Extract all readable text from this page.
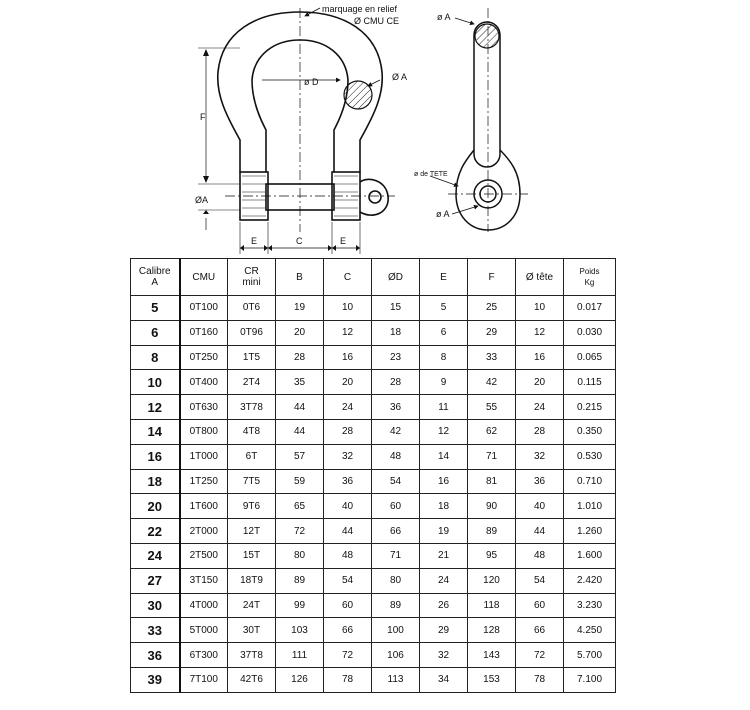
marquage en relief
Ø CMU CE
ø D	Ø A
F
ØA
E	C	E
ø A
ø de TETE
ø A
Calibre
A	CMU	CR
mini	B	C	ØD	E	F	Ø tête	Poids
Kg
5	0T100	0T6	19	10	15	5	25	10	0.017
6	0T160	0T96	20	12	18	6	29	12	0.030
8	0T250	1T5	28	16	23	8	33	16	0.065
10	0T400	2T4	35	20	28	9	42	20	0.115
12	0T630	3T78	44	24	36	11	55	24	0.215
14	0T800	4T8	44	28	42	12	62	28	0.350
16	1T000	6T	57	32	48	14	71	32	0.530
18	1T250	7T5	59	36	54	16	81	36	0.710
20	1T600	9T6	65	40	60	18	90	40	1.010
22	2T000	12T	72	44	66	19	89	44	1.260
24	2T500	15T	80	48	71	21	95	48	1.600
27	3T150	18T9	89	54	80	24	120	54	2.420
30	4T000	24T	99	60	89	26	118	60	3.230
33	5T000	30T	103	66	100	29	128	66	4.250
36	6T300	37T8	111	72	106	32	143	72	5.700
39	7T100	42T6	126	78	113	34	153	78	7.100
